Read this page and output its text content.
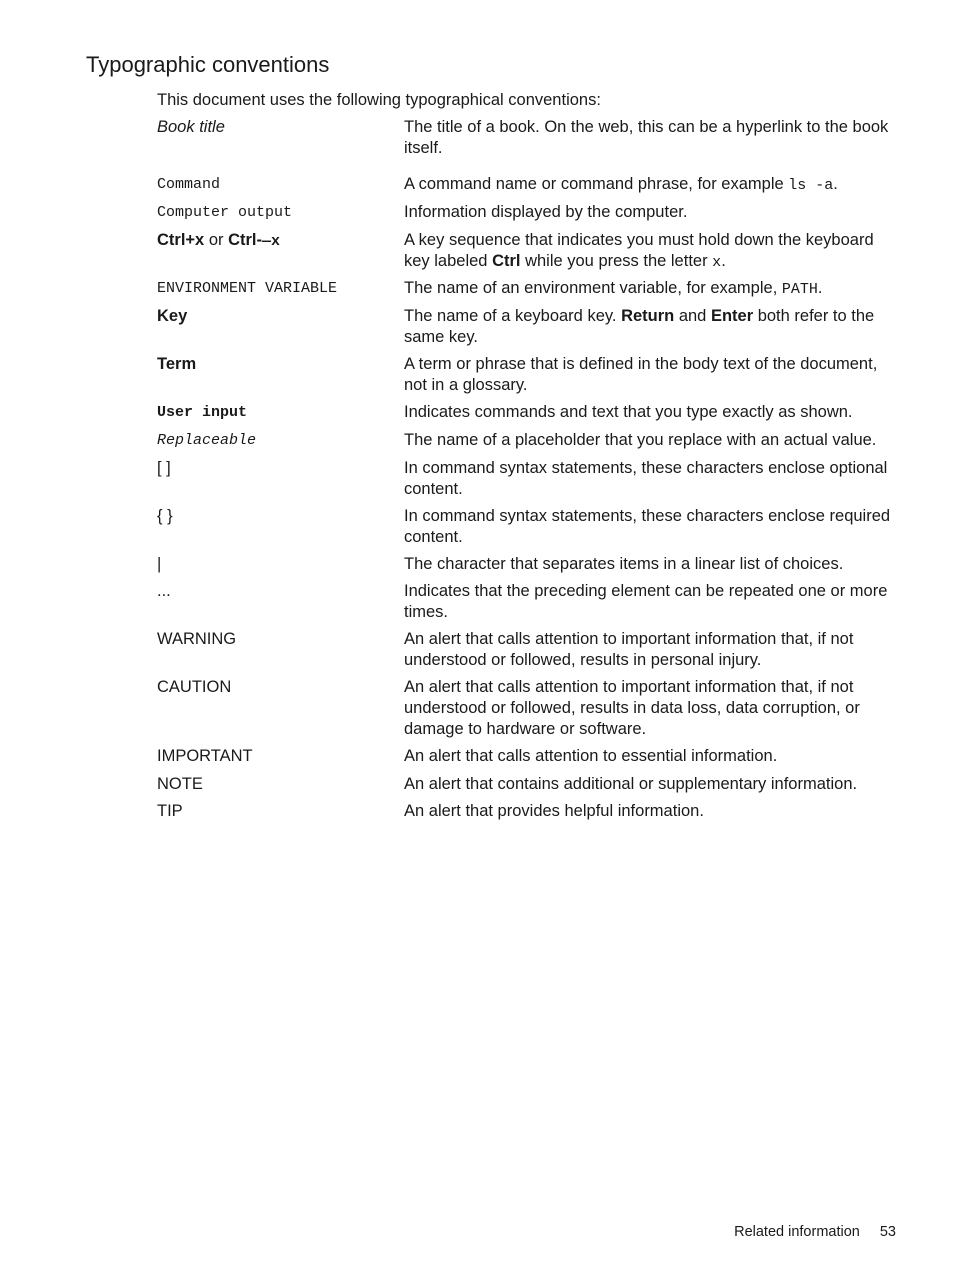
Typographic conventions
This document uses the following typographical conventions:
Book title	The title of a book. On the web, this can be a hyperlink to the book itself.
Command	A command name or command phrase, for example ls -a.
Computer output	Information displayed by the computer.
Ctrl+x or Ctrl-—x	A key sequence that indicates you must hold down the keyboard key labeled Ctrl while you press the letter x.
ENVIRONMENT VARIABLE	The name of an environment variable, for example, PATH.
Key	The name of a keyboard key. Return and Enter both refer to the same key.
Term	A term or phrase that is defined in the body text of the document, not in a glossary.
User input	Indicates commands and text that you type exactly as shown.
Replaceable	The name of a placeholder that you replace with an actual value.
[ ]	In command syntax statements, these characters enclose optional content.
{ }	In command syntax statements, these characters enclose required content.
|	The character that separates items in a linear list of choices.
...	Indicates that the preceding element can be repeated one or more times.
WARNING	An alert that calls attention to important information that, if not understood or followed, results in personal injury.
CAUTION	An alert that calls attention to important information that, if not understood or followed, results in data loss, data corruption, or damage to hardware or software.
IMPORTANT	An alert that calls attention to essential information.
NOTE	An alert that contains additional or supplementary information.
TIP	An alert that provides helpful information.
Related information 53
